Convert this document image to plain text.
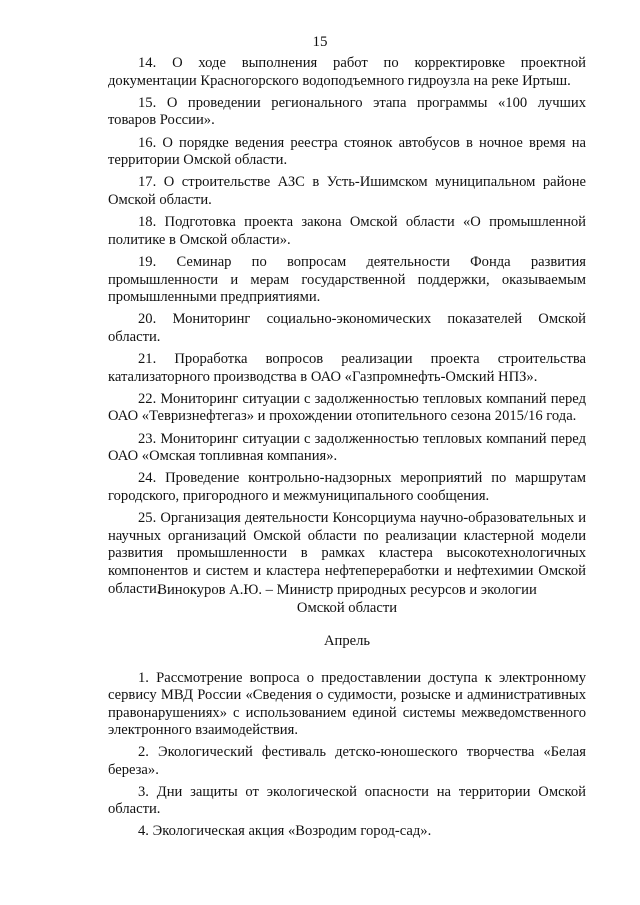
15

14. О ходе выполнения работ по корректировке проектной документации Красногорского водоподъемного гидроузла на реке Иртыш.

15. О проведении регионального этапа программы «100 лучших товаров России».

16. О порядке ведения реестра стоянок автобусов в ночное время на территории Омской области.

17. О строительстве АЗС в Усть-Ишимском муниципальном районе Омской области.

18. Подготовка проекта закона Омской области «О промышленной политике в Омской области».

19. Семинар по вопросам деятельности Фонда развития промышленности и мерам государственной поддержки, оказываемым промышленными предприятиями.

20. Мониторинг социально-экономических показателей Омской области.

21. Проработка вопросов реализации проекта строительства катализаторного производства в ОАО «Газпромнефть-Омский НПЗ».

22. Мониторинг ситуации с задолженностью тепловых компаний перед ОАО «Тевризнефтегаз» и прохождении отопительного сезона 2015/16 года.

23. Мониторинг ситуации с задолженностью тепловых компаний перед ОАО «Омская топливная компания».

24. Проведение контрольно-надзорных мероприятий по маршрутам городского, пригородного и межмуниципального сообщения.

25. Организация деятельности Консорциума научно-образовательных и научных организаций Омской области по реализации кластерной модели развития промышленности в рамках кластера высокотехнологичных компонентов и систем и кластера нефтепереработки и нефтехимии Омской области.

Винокуров А.Ю. – Министр природных ресурсов и экологии
Омской области
Апрель

1. Рассмотрение вопроса о предоставлении доступа к электронному сервису МВД России «Сведения о судимости, розыске и административных правонарушениях» с использованием единой системы межведомственного электронного взаимодействия.

2. Экологический фестиваль детско-юношеского творчества «Белая береза».

3. Дни защиты от экологической опасности на территории Омской области.

4. Экологическая акция «Возродим город-сад».
